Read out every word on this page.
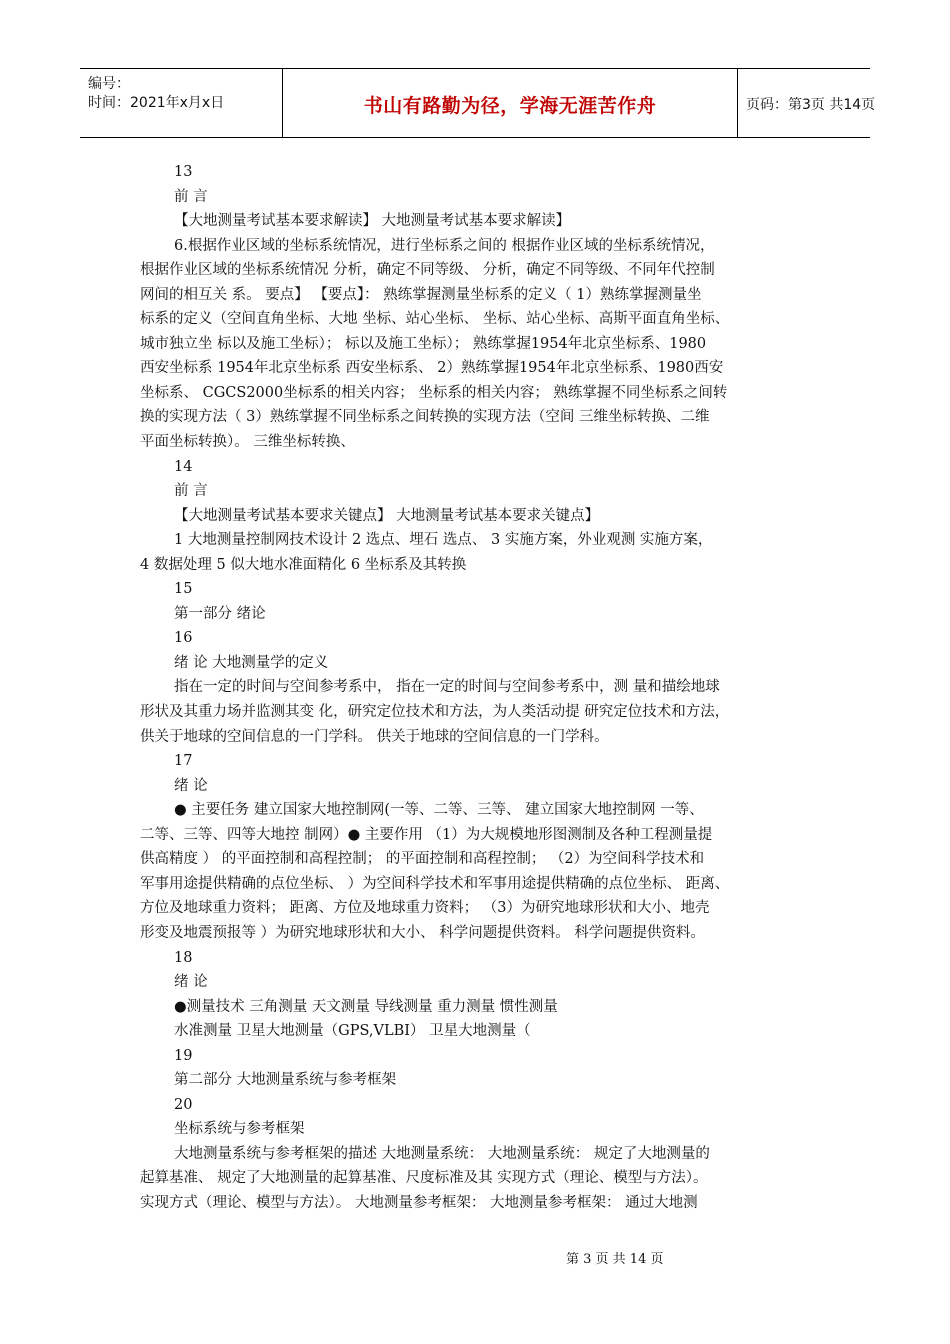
编号：
时间：2021年x月x日	书山有路勤为径，学海无涯苦作舟	页码：第3页 共14页
13
前 言
【大地测量考试基本要求解读】 大地测量考试基本要求解读】
6.根据作业区域的坐标系统情况，进行坐标系之间的 根据作业区域的坐标系统情况，
根据作业区域的坐标系统情况 分析，确定不同等级、 分析，确定不同等级、不同年代控制
网间的相互关 系。 要点】 【要点】： 熟练掌握测量坐标系的定义（ 1）熟练掌握测量坐
标系的定义（空间直角坐标、大地 坐标、站心坐标、 坐标、站心坐标、高斯平面直角坐标、
城市独立坐 标以及施工坐标）； 标以及施工坐标）； 熟练掌握1954年北京坐标系、1980
西安坐标系 1954年北京坐标系 西安坐标系、 2）熟练掌握1954年北京坐标系、1980西安
坐标系、 CGCS2000坐标系的相关内容； 坐标系的相关内容； 熟练掌握不同坐标系之间转
换的实现方法（ 3）熟练掌握不同坐标系之间转换的实现方法（空间 三维坐标转换、二维
平面坐标转换）。 三维坐标转换、
14
前 言
【大地测量考试基本要求关键点】 大地测量考试基本要求关键点】
1 大地测量控制网技术设计 2 选点、埋石 选点、 3 实施方案，外业观测 实施方案，
4 数据处理 5 似大地水准面精化 6 坐标系及其转换
15
第一部分 绪论
16
绪 论 大地测量学的定义
指在一定的时间与空间参考系中， 指在一定的时间与空间参考系中，测 量和描绘地球
形状及其重力场并监测其变 化，研究定位技术和方法，为人类活动提 研究定位技术和方法，
供关于地球的空间信息的一门学科。 供关于地球的空间信息的一门学科。
17
绪 论
● 主要任务 建立国家大地控制网(一等、二等、三等、 建立国家大地控制网 一等、
二等、三等、四等大地控 制网）● 主要作用 （1）为大规模地形图测制及各种工程测量提
供高精度 ） 的平面控制和高程控制； 的平面控制和高程控制； （2）为空间科学技术和
军事用途提供精确的点位坐标、 ）为空间科学技术和军事用途提供精确的点位坐标、 距离、
方位及地球重力资料； 距离、方位及地球重力资料； （3）为研究地球形状和大小、地壳
形变及地震预报等 ）为研究地球形状和大小、 科学问题提供资料。 科学问题提供资料。
18
绪 论
●测量技术 三角测量 天文测量 导线测量 重力测量 惯性测量
水准测量 卫星大地测量（GPS,VLBI） 卫星大地测量（
19
第二部分 大地测量系统与参考框架
20
坐标系统与参考框架
大地测量系统与参考框架的描述 大地测量系统： 大地测量系统： 规定了大地测量的
起算基准、 规定了大地测量的起算基准、尺度标准及其 实现方式（理论、模型与方法）。
实现方式（理论、模型与方法）。 大地测量参考框架： 大地测量参考框架： 通过大地测
第 3 页 共 14 页
